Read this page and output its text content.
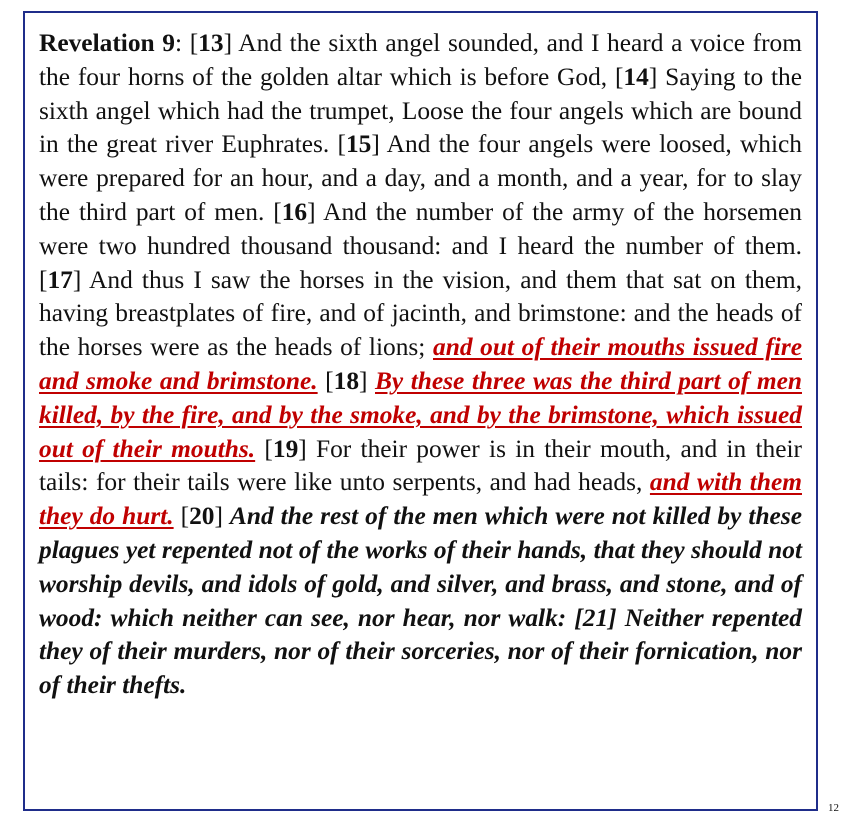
Revelation 9: [13] And the sixth angel sounded, and I heard a voice from the four horns of the golden altar which is before God, [14] Saying to the sixth angel which had the trumpet, Loose the four angels which are bound in the great river Euphrates. [15] And the four angels were loosed, which were prepared for an hour, and a day, and a month, and a year, for to slay the third part of men. [16] And the number of the army of the horsemen were two hundred thousand thousand: and I heard the number of them. [17] And thus I saw the horses in the vision, and them that sat on them, having breastplates of fire, and of jacinth, and brimstone: and the heads of the horses were as the heads of lions; and out of their mouths issued fire and smoke and brimstone. [18] By these three was the third part of men killed, by the fire, and by the smoke, and by the brimstone, which issued out of their mouths. [19] For their power is in their mouth, and in their tails: for their tails were like unto serpents, and had heads, and with them they do hurt. [20] And the rest of the men which were not killed by these plagues yet repented not of the works of their hands, that they should not worship devils, and idols of gold, and silver, and brass, and stone, and of wood: which neither can see, nor hear, nor walk: [21] Neither repented they of their murders, nor of their sorceries, nor of their fornication, nor of their thefts.

12
